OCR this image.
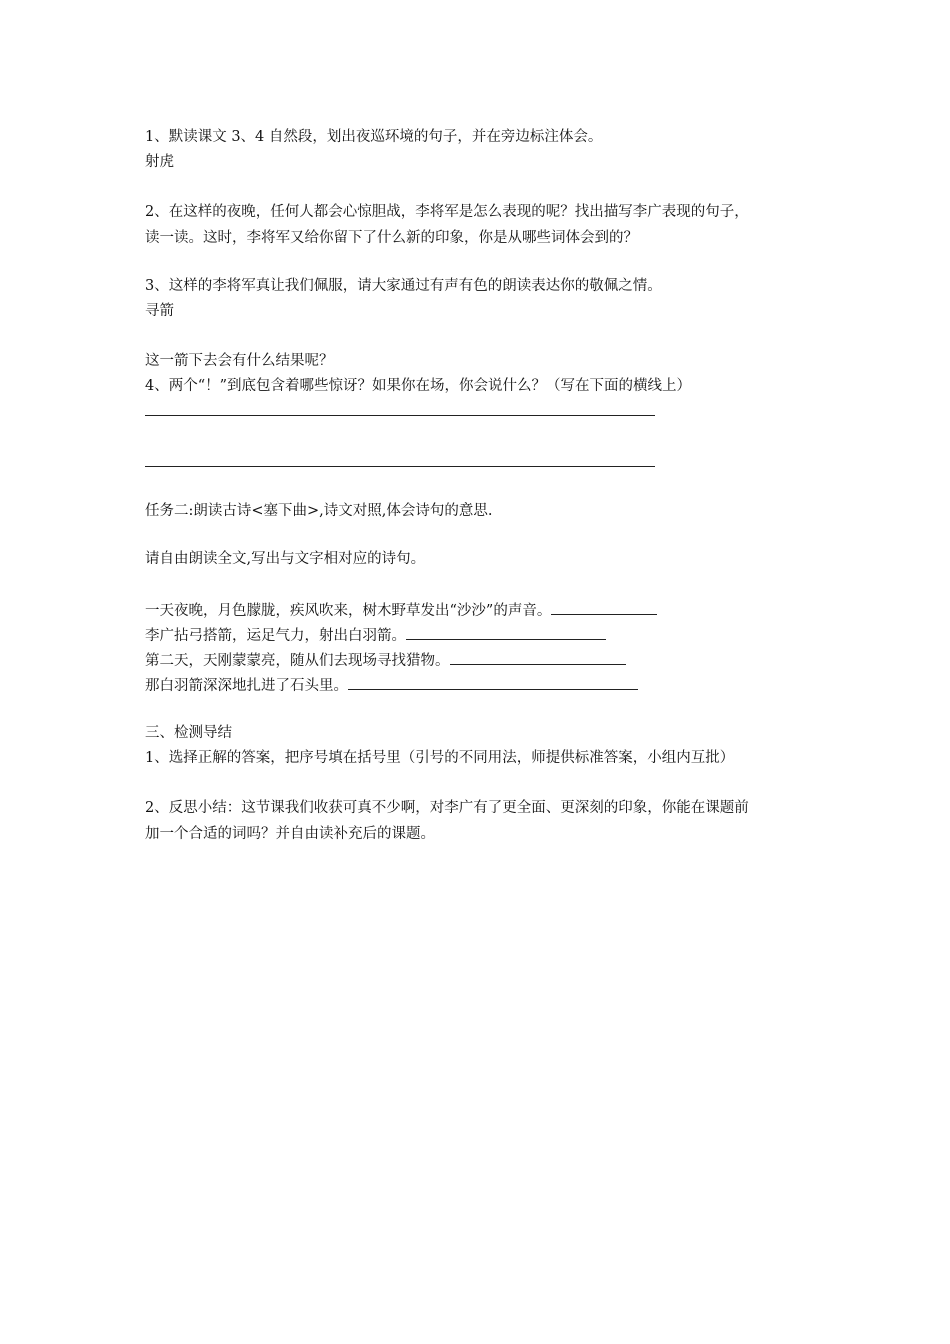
1、默读课文 3、4 自然段，划出夜巡环境的句子，并在旁边标注体会。
射虎
2、在这样的夜晚，任何人都会心惊胆战，李将军是怎么表现的呢？找出描写李广表现的句子，
读一读。这时，李将军又给你留下了什么新的印象，你是从哪些词体会到的？
3、这样的李将军真让我们佩服，请大家通过有声有色的朗读表达你的敬佩之情。
寻箭
这一箭下去会有什么结果呢？
4、两个“！”到底包含着哪些惊讶？如果你在场，你会说什么？（写在下面的横线上）
任务二:朗读古诗<塞下曲>,诗文对照,体会诗句的意思.
请自由朗读全文,写出与文字相对应的诗句。
一天夜晚，月色朦胧，疾风吹来，树木野草发出“沙沙”的声音。
李广拈弓搭箭，运足气力，射出白羽箭。
第二天，天刚蒙蒙亮，随从们去现场寻找猎物。
那白羽箭深深地扎进了石头里。
三、检测导结
1、选择正解的答案，把序号填在括号里（引号的不同用法，师提供标准答案，小组内互批）
2、反思小结：这节课我们收获可真不少啊，对李广有了更全面、更深刻的印象，你能在课题前
加一个合适的词吗？并自由读补充后的课题。
